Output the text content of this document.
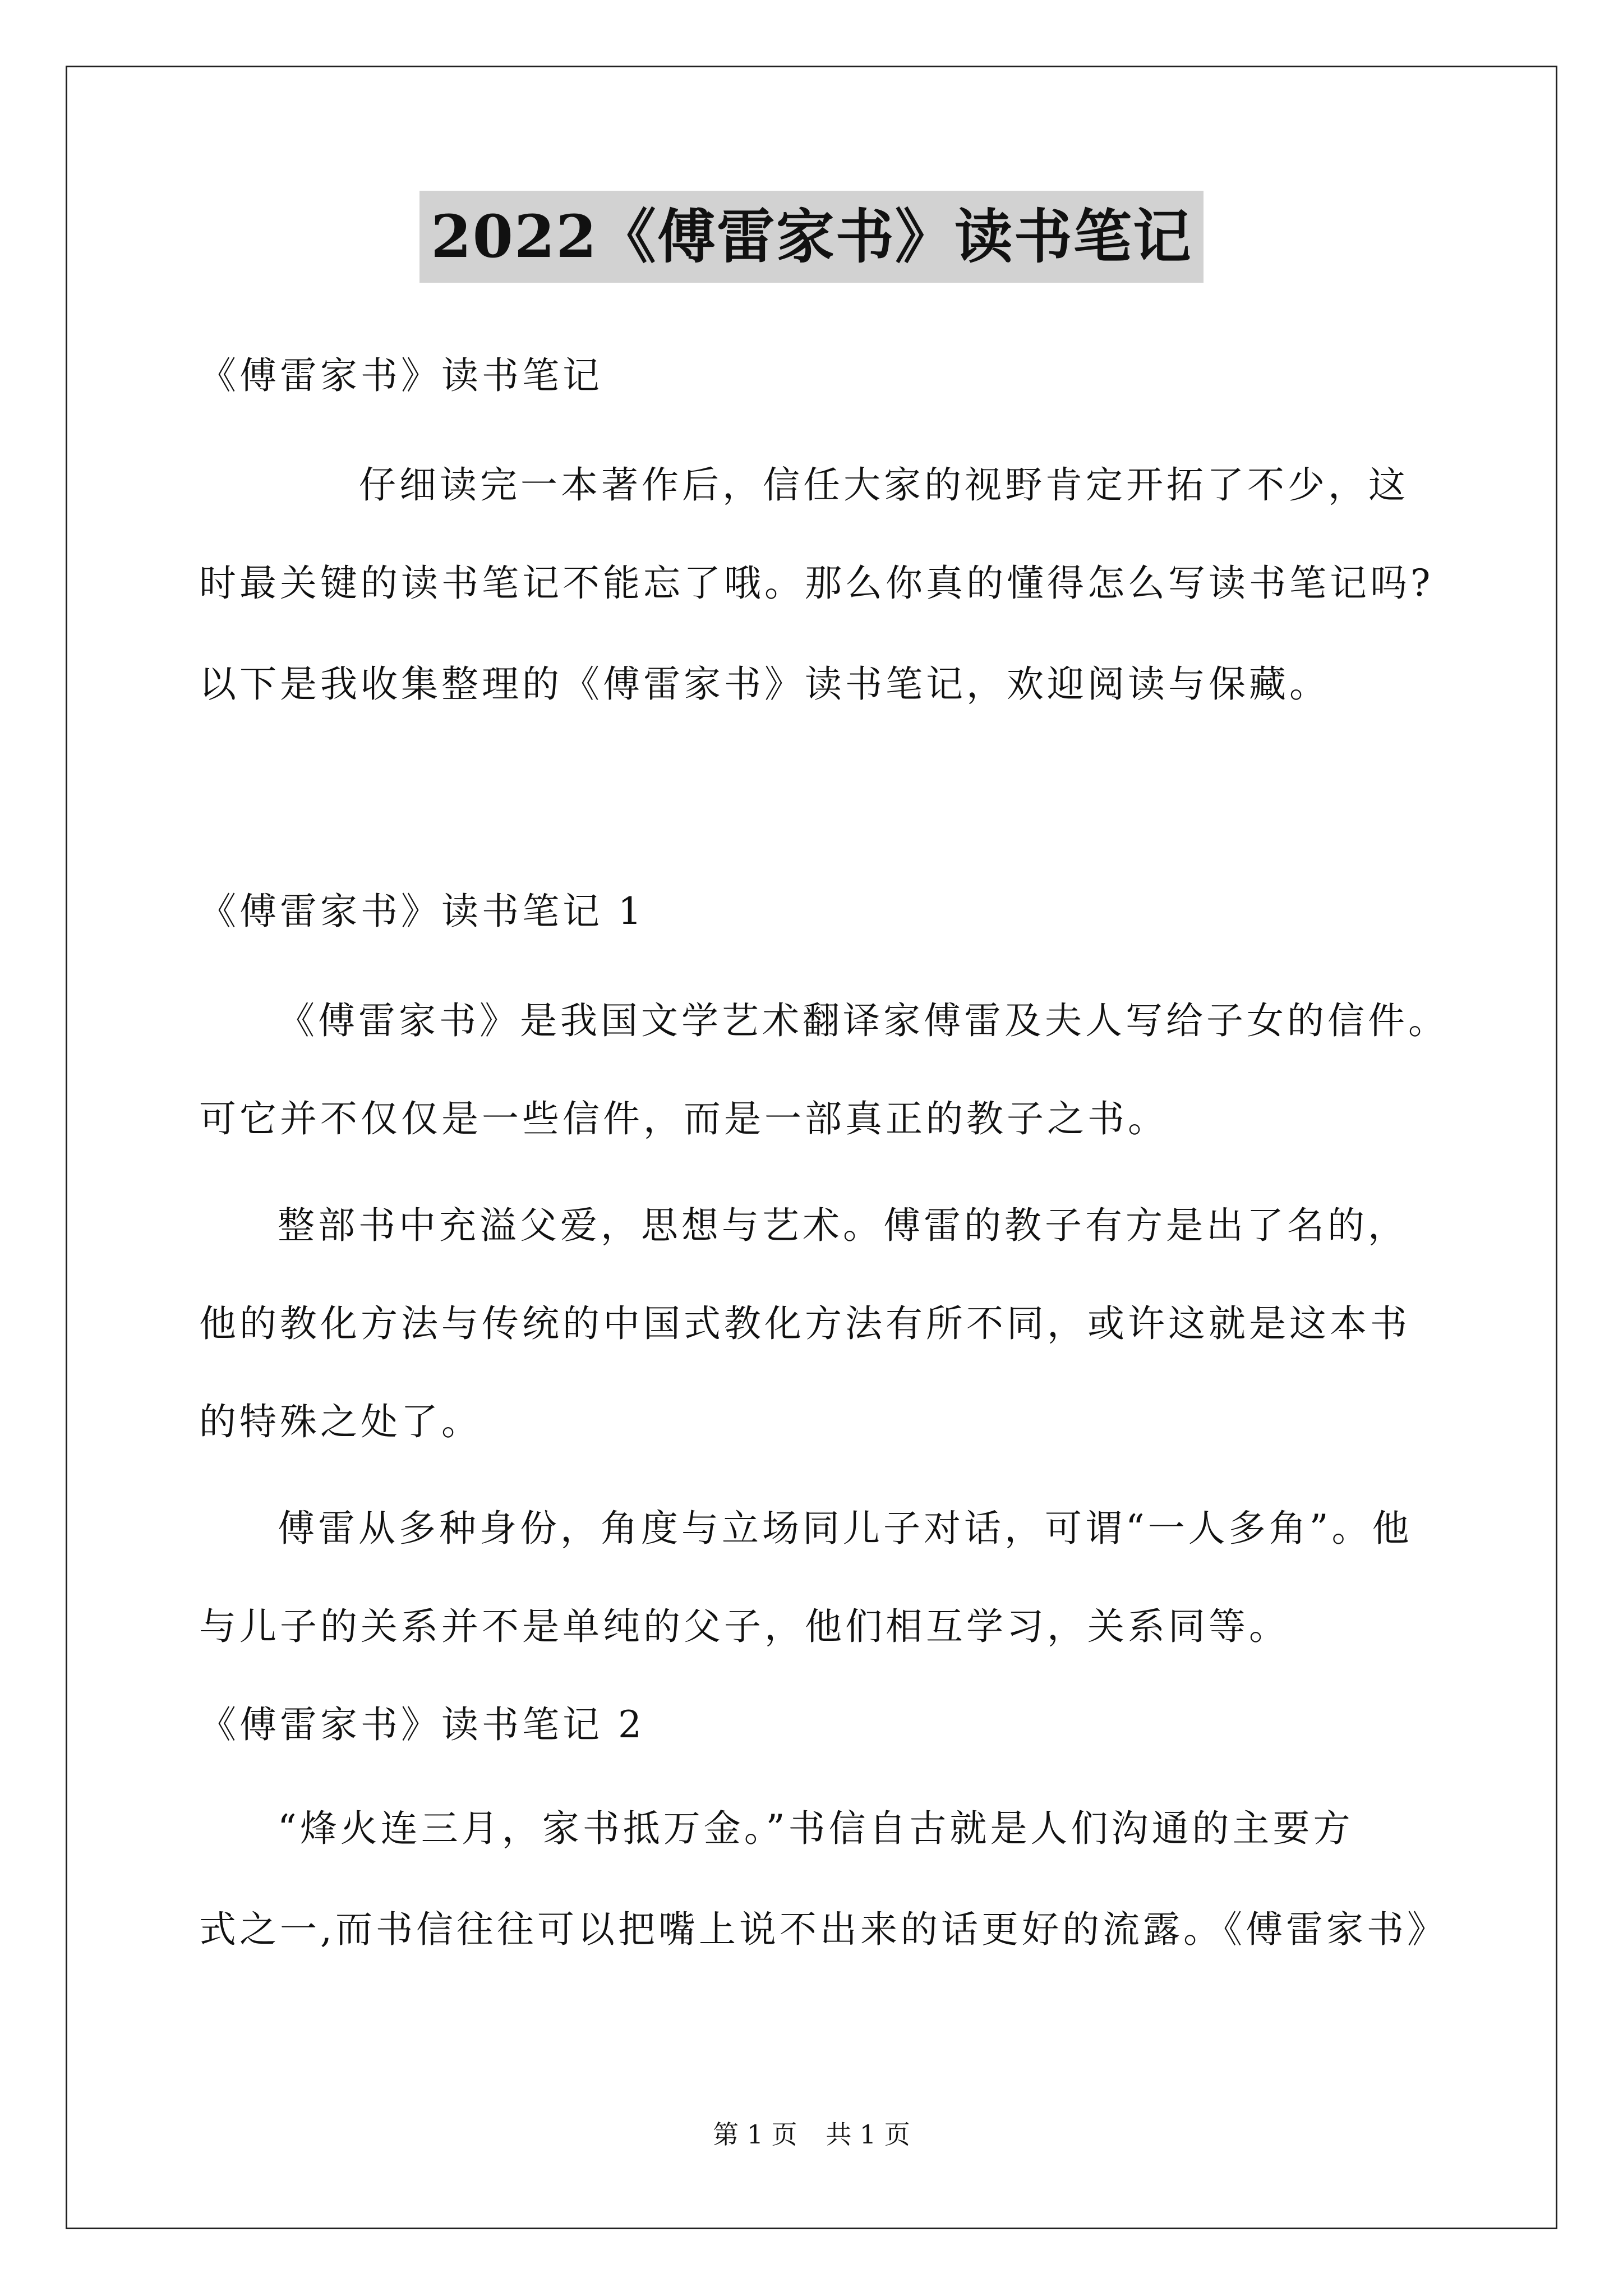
2022《傅雷家书》读书笔记
《傅雷家书》读书笔记
仔细读完一本著作后，信任大家的视野肯定开拓了不少，这
时最关键的读书笔记不能忘了哦。那么你真的懂得怎么写读书笔记吗?
以下是我收集整理的《傅雷家书》读书笔记，欢迎阅读与保藏。
《傅雷家书》读书笔记 1
《傅雷家书》是我国文学艺术翻译家傅雷及夫人写给子女的信件。
可它并不仅仅是一些信件，而是一部真正的教子之书。
整部书中充溢父爱，思想与艺术。傅雷的教子有方是出了名的，
他的教化方法与传统的中国式教化方法有所不同，或许这就是这本书
的特殊之处了。
傅雷从多种身份，角度与立场同儿子对话，可谓“一人多角”。他
与儿子的关系并不是单纯的父子，他们相互学习，关系同等。
《傅雷家书》读书笔记 2
“烽火连三月，家书抵万金。”书信自古就是人们沟通的主要方
式之一,而书信往往可以把嘴上说不出来的话更好的流露。《傅雷家书》
第 1 页 共 1 页
